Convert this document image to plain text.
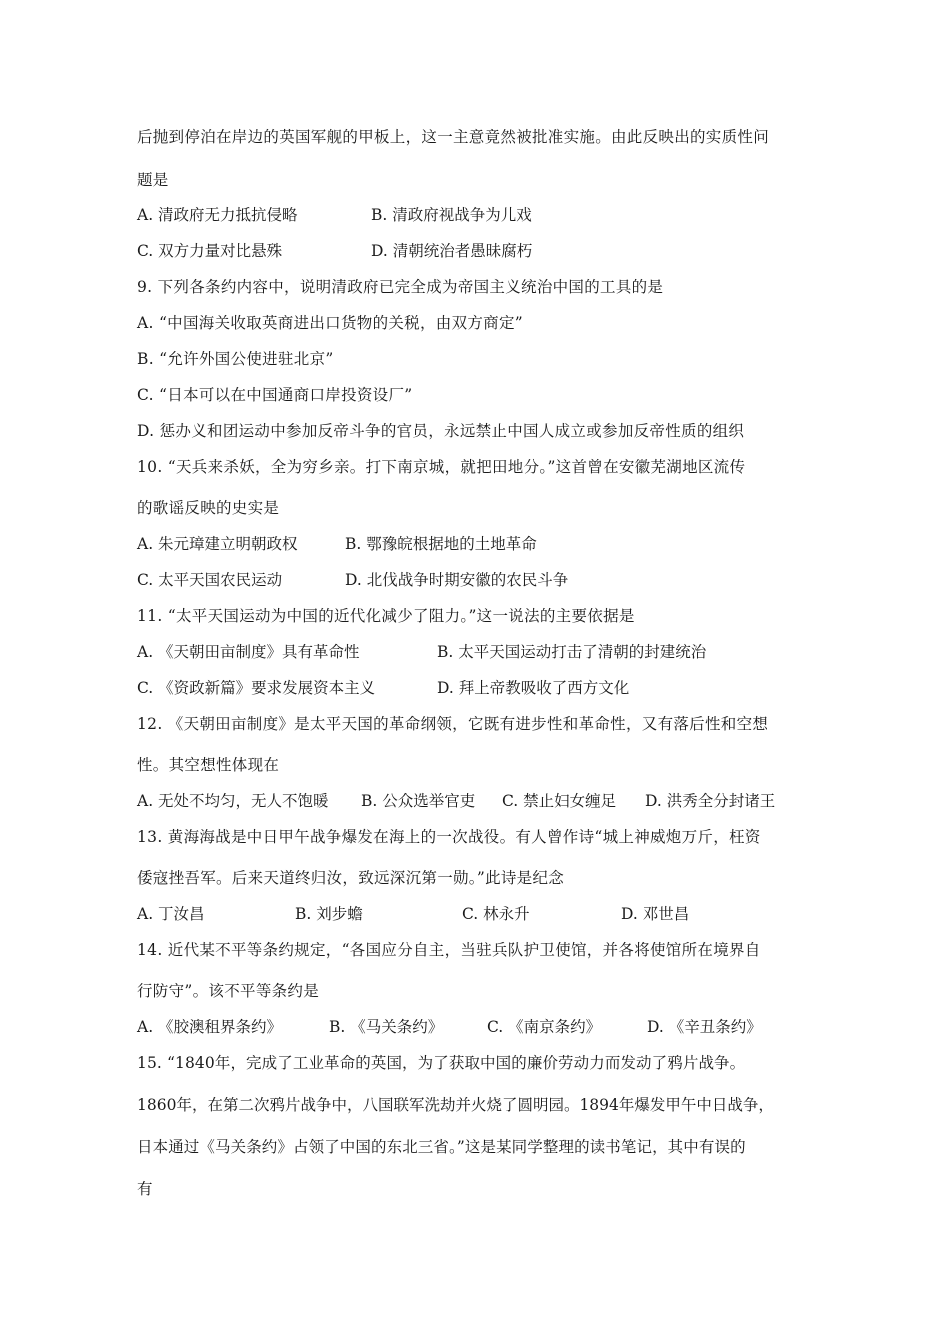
后抛到停泊在岸边的英国军舰的甲板上，这一主意竟然被批准实施。由此反映出的实质性问
题是
A. 清政府无力抵抗侵略	B. 清政府视战争为儿戏
C. 双方力量对比悬殊	D. 清朝统治者愚昧腐朽
9. 下列各条约内容中，说明清政府已完全成为帝国主义统治中国的工具的是
A. “中国海关收取英商进出口货物的关税，由双方商定”
B. “允许外国公使进驻北京”
C. “日本可以在中国通商口岸投资设厂”
D. 惩办义和团运动中参加反帝斗争的官员，永远禁止中国人成立或参加反帝性质的组织
10. “天兵来杀妖，全为穷乡亲。打下南京城，就把田地分。”这首曾在安徽芜湖地区流传
的歌谣反映的史实是
A. 朱元璋建立明朝政权	B. 鄂豫皖根据地的土地革命
C. 太平天国农民运动	D. 北伐战争时期安徽的农民斗争
11. “太平天国运动为中国的近代化减少了阻力。”这一说法的主要依据是
A. 《天朝田亩制度》具有革命性	B. 太平天国运动打击了清朝的封建统治
C. 《资政新篇》要求发展资本主义	D. 拜上帝教吸收了西方文化
12. 《天朝田亩制度》是太平天国的革命纲领，它既有进步性和革命性，又有落后性和空想
性。其空想性体现在
A. 无处不均匀，无人不饱暖 B. 公众选举官吏 C. 禁止妇女缠足 D. 洪秀全分封诸王
13. 黄海海战是中日甲午战争爆发在海上的一次战役。有人曾作诗“城上神威炮万斤，枉资
倭寇挫吾军。后来天道终归汝，致远深沉第一勋。”此诗是纪念
A. 丁汝昌	B. 刘步蟾	C. 林永升	D. 邓世昌
14. 近代某不平等条约规定，“各国应分自主，当驻兵队护卫使馆，并各将使馆所在境界自
行防守”。该不平等条约是
A. 《胶澳租界条约》	B. 《马关条约》	C. 《南京条约》	D. 《辛丑条约》
15. “1840年，完成了工业革命的英国，为了获取中国的廉价劳动力而发动了鸦片战争。
1860年，在第二次鸦片战争中，八国联军洗劫并火烧了圆明园。1894年爆发甲午中日战争，
日本通过《马关条约》占领了中国的东北三省。”这是某同学整理的读书笔记，其中有误的
有
